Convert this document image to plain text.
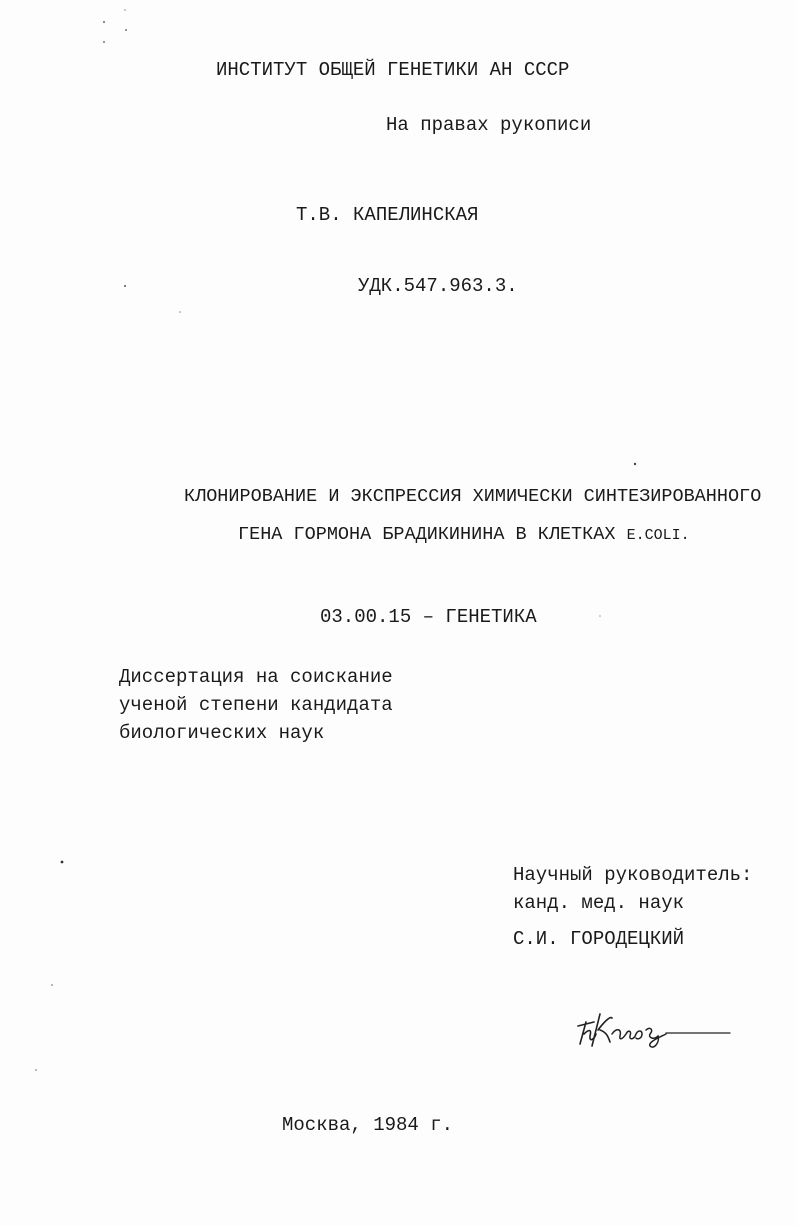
ИНСТИТУТ ОБЩЕЙ ГЕНЕТИКИ АН СССР
На правах рукописи
Т.В. КАПЕЛИНСКАЯ
УДК.547.963.3.
КЛОНИРОВАНИЕ И ЭКСПРЕССИЯ ХИМИЧЕСКИ СИНТЕЗИРОВАННОГО
ГЕНА ГОРМОНА БРАДИКИНИНА В КЛЕТКАХ E.COLI.
03.00.15 – ГЕНЕТИКА
Диссертация на соискание
ученой степени кандидата
биологических наук
Научный руководитель:
канд. мед. наук
С.И. ГОРОДЕЦКИЙ
Москва, 1984 г.
